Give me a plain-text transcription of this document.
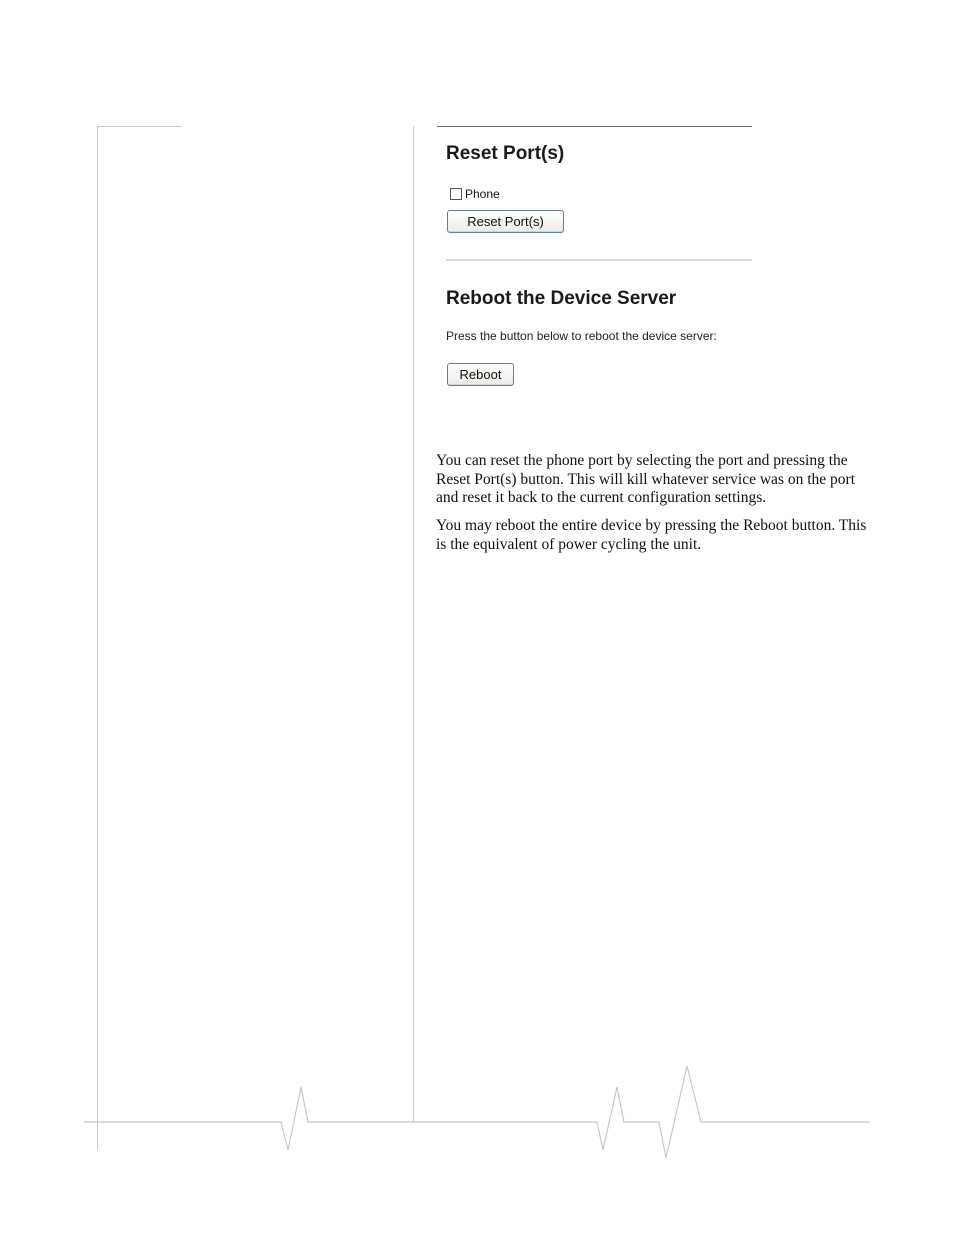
Reset Port(s)
Phone
Reset Port(s)
Reboot the Device Server
Press the button below to reboot the device server:
Reboot

You can reset the phone port by selecting the port and pressing the Reset Port(s) button. This will kill whatever service was on the port and reset it back to the current configuration settings.

You may reboot the entire device by pressing the Reboot button. This is the equivalent of power cycling the unit.
